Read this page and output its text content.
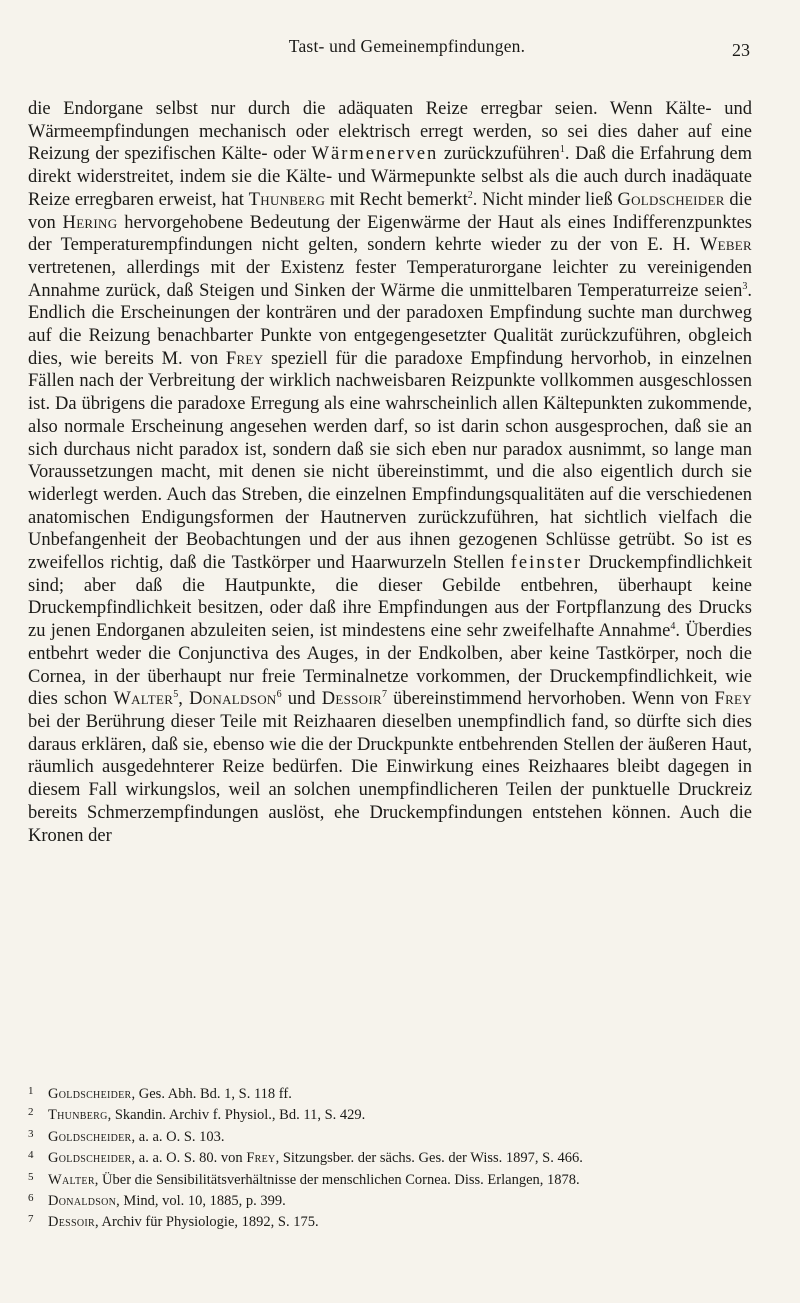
Tast- und Gemeinempfindungen.	23

die Endorgane selbst nur durch die adäquaten Reize erregbar seien. Wenn Kälte- und Wärmeempfindungen mechanisch oder elektrisch erregt werden, so sei dies daher auf eine Reizung der spezifischen Kälte- oder Wärmenerven zurückzuführen$^1$. Daß die Erfahrung dem direkt widerstreitet, indem sie die Kälte- und Wärmepunkte selbst als die auch durch inadäquate Reize erregbaren erweist, hat Thunberg mit Recht bemerkt$^2$. Nicht minder ließ Goldscheider die von Hering hervorgehobene Bedeutung der Eigenwärme der Haut als eines Indifferenzpunktes der Temperaturempfindungen nicht gelten, sondern kehrte wieder zu der von E. H. Weber vertretenen, allerdings mit der Existenz fester Temperaturorgane leichter zu vereinigenden Annahme zurück, daß Steigen und Sinken der Wärme die unmittelbaren Temperaturreize seien$^3$. Endlich die Erscheinungen der konträren und der paradoxen Empfindung suchte man durchweg auf die Reizung benachbarter Punkte von entgegengesetzter Qualität zurückzuführen, obgleich dies, wie bereits M. von Frey speziell für die paradoxe Empfindung hervorhob, in einzelnen Fällen nach der Verbreitung der wirklich nachweisbaren Reizpunkte vollkommen ausgeschlossen ist. Da übrigens die paradoxe Erregung als eine wahrscheinlich allen Kältepunkten zukommende, also normale Erscheinung angesehen werden darf, so ist darin schon ausgesprochen, daß sie an sich durchaus nicht paradox ist, sondern daß sie sich eben nur paradox ausnimmt, so lange man Voraussetzungen macht, mit denen sie nicht übereinstimmt, und die also eigentlich durch sie widerlegt werden. Auch das Streben, die einzelnen Empfindungsqualitäten auf die verschiedenen anatomischen Endigungsformen der Hautnerven zurückzuführen, hat sichtlich vielfach die Unbefangenheit der Beobachtungen und der aus ihnen gezogenen Schlüsse getrübt. So ist es zweifellos richtig, daß die Tastkörper und Haarwurzeln Stellen feinster Druckempfindlichkeit sind; aber daß die Hautpunkte, die dieser Gebilde entbehren, überhaupt keine Druckempfindlichkeit besitzen, oder daß ihre Empfindungen aus der Fortpflanzung des Drucks zu jenen Endorganen abzuleiten seien, ist mindestens eine sehr zweifelhafte Annahme$^4$. Überdies entbehrt weder die Conjunctiva des Auges, in der Endkolben, aber keine Tastkörper, noch die Cornea, in der überhaupt nur freie Terminalnetze vorkommen, der Druckempfindlichkeit, wie dies schon Walter$^5$, Donaldson$^6$ und Dessoir$^7$ übereinstimmend hervorhoben. Wenn von Frey bei der Berührung dieser Teile mit Reizhaaren dieselben unempfindlich fand, so dürfte sich dies daraus erklären, daß sie, ebenso wie die der Druckpunkte entbehrenden Stellen der äußeren Haut, räumlich ausgedehnterer Reize bedürfen. Die Einwirkung eines Reizhaares bleibt dagegen in diesem Fall wirkungslos, weil an solchen unempfindlicheren Teilen der punktuelle Druckreiz bereits Schmerzempfindungen auslöst, ehe Druckempfindungen entstehen können. Auch die Kronen der

1 Goldscheider, Ges. Abh. Bd. 1, S. 118 ff.

2 Thunberg, Skandin. Archiv f. Physiol., Bd. 11, S. 429.

3 Goldscheider, a. a. O. S. 103.

4 Goldscheider, a. a. O. S. 80. von Frey, Sitzungsber. der sächs. Ges. der Wiss. 1897, S. 466.

5 Walter, Über die Sensibilitätsverhältnisse der menschlichen Cornea. Diss. Erlangen, 1878.

6 Donaldson, Mind, vol. 10, 1885, p. 399.

7 Dessoir, Archiv für Physiologie, 1892, S. 175.
